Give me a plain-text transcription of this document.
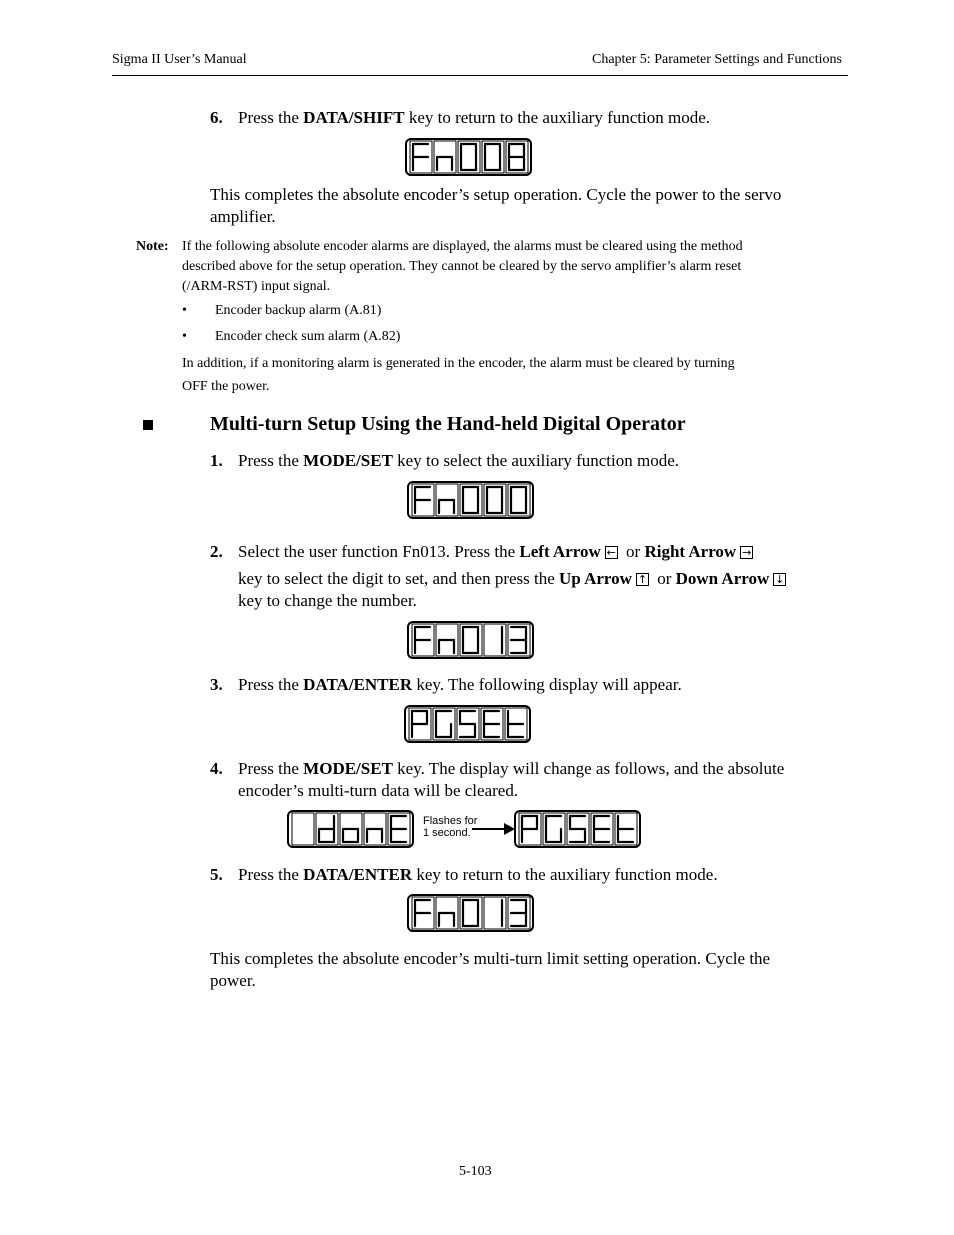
Sigma II User’s Manual	Chapter 5: Parameter Settings and Functions
6. Press the DATA/SHIFT key to return to the auxiliary function mode.
This completes the absolute encoder’s setup operation. Cycle the power to the servo
amplifier.
Note: If the following absolute encoder alarms are displayed, the alarms must be cleared using the method
described above for the setup operation. They cannot be cleared by the servo amplifier’s alarm reset
(/ARM-RST) input signal.
• Encoder backup alarm (A.81)
• Encoder check sum alarm (A.82)
In addition, if a monitoring alarm is generated in the encoder, the alarm must be cleared by turning
OFF the power.
Multi-turn Setup Using the Hand-held Digital Operator
1. Press the MODE/SET key to select the auxiliary function mode.
2. Select the user function Fn013. Press the Left Arrow ← or Right Arrow →
key to select the digit to set, and then press the Up Arrow ↑ or Down Arrow ↓
key to change the number.
3. Press the DATA/ENTER key. The following display will appear.
4. Press the MODE/SET key. The display will change as follows, and the absolute
encoder’s multi-turn data will be cleared.
Flashes for
1 second.
5. Press the DATA/ENTER key to return to the auxiliary function mode.
This completes the absolute encoder’s multi-turn limit setting operation. Cycle the
power.
5-103
